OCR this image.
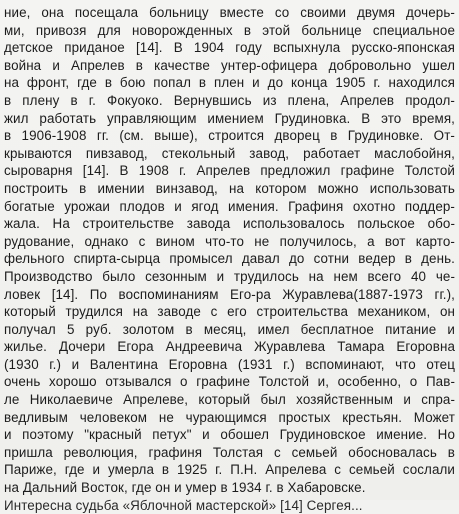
ние, она посещала больницу вместе со своими двумя дочерь-
ми, привозя для новорожденных в этой больнице специальное
детское приданое [14]. В 1904 году вспыхнула русско-японская
война и Апрелев в качестве унтер-офицера добровольно ушел
на фронт, где в бою попал в плен и до конца 1905 г. находился
в плену в г. Фокуоко. Вернувшись из плена, Апрелев продол-
жил работать управляющим имением Грудиновка. В это время,
в 1906-1908 гг. (см. выше), строится дворец в Грудиновке. От-
крываются пивзавод, стекольный завод, работает маслобойня,
сыроварня [14]. В 1908 г. Апрелев предложил графине Толстой
построить в имении винзавод, на котором можно использовать
богатые урожаи плодов и ягод имения. Графиня охотно поддер-
жала. На строительстве завода использовалось польское обо-
рудование, однако с вином что-то не получилось, а вот карто-
фельного спирта-сырца промысел давал до сотни ведер в день.
Производство было сезонным и трудилось на нем всего 40 че-
ловек [14]. По воспоминаниям Его-ра Журавлева(1887-1973 гг.),
который трудился на заводе с его строительства механиком, он
получал 5 руб. золотом в месяц, имел бесплатное питание и
жилье. Дочери Егора Андреевича Журавлева Тамара Егоровна
(1930 г.) и Валентина Егоровна (1931 г.) вспоминают, что отец
очень хорошо отзывался о графине Толстой и, особенно, о Пав-
ле Николаевиче Апрелеве, который был хозяйственным и спра-
ведливым человеком не чурающимся простых крестьян. Может
и поэтому "красный петух" и обошел Грудиновское имение. Но
пришла революция, графиня Толстая с семьей обосновалась в
Париже, где и умерла в 1925 г. П.Н. Апрелева с семьей сослали
на Дальний Восток, где он и умер в 1934 г. в Хабаровске.
Интересна судьба «Яблочной мастерской» [14] Сергея...
